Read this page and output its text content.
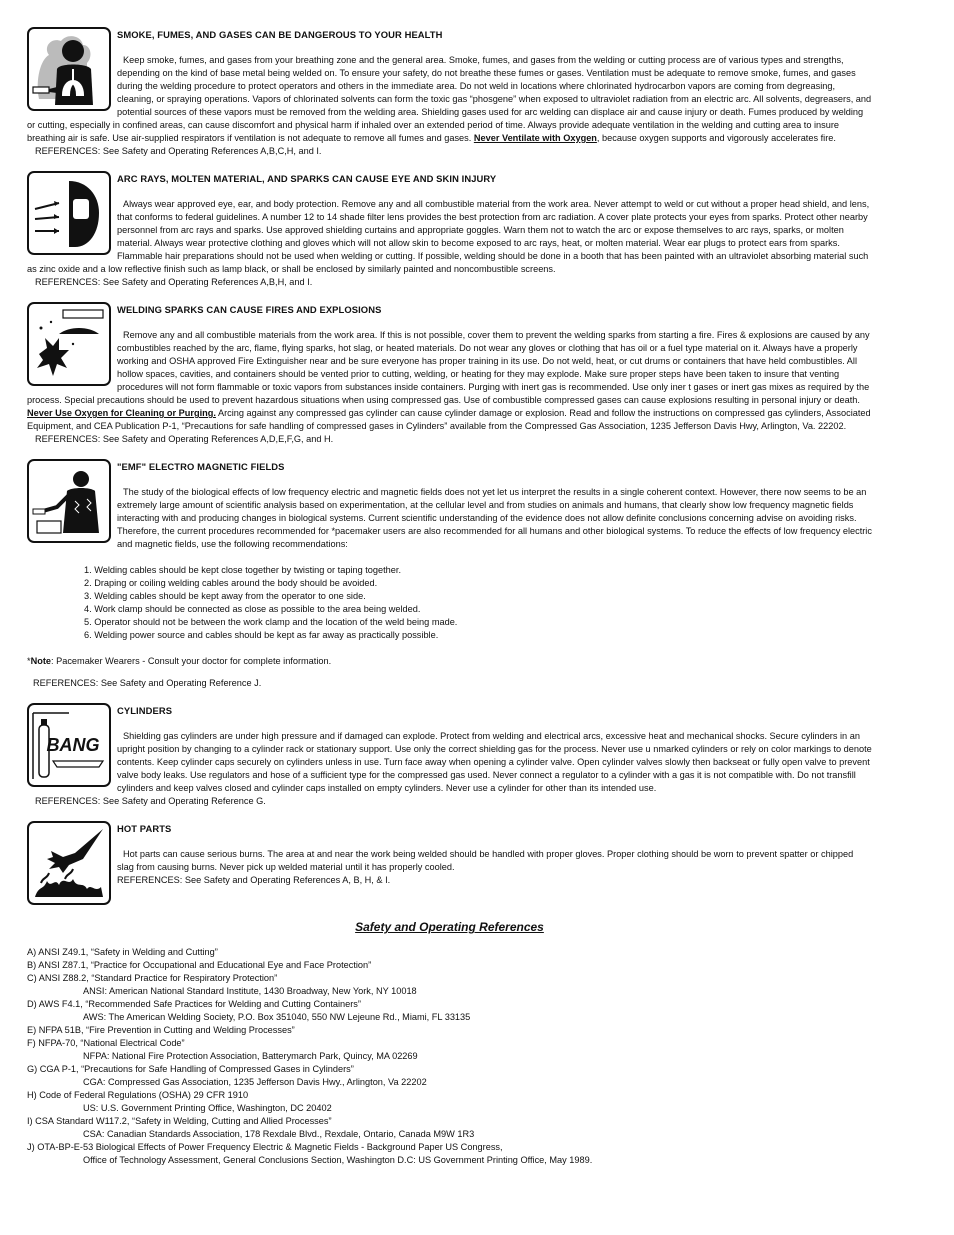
SMOKE, FUMES, AND GASES CAN BE DANGEROUS TO YOUR HEALTH

Keep smoke, fumes, and gases from your breathing zone and the general area. Smoke, fumes, and gases from the welding or cutting process are of various types and strengths, depending on the kind of base metal being welded on. To ensure your safety, do not breathe these fumes or gases. Ventilation must be adequate to remove smoke, fumes, and gases during the welding procedure to protect operators and others in the immediate area. Do not weld in locations where chlorinated hydrocarbon vapors are coming from degreasing, cleaning, or spraying operations. Vapors of chlorinated solvents can form the toxic gas “phosgene” when exposed to ultraviolet radiation from an electric arc. All solvents, degreasers, and potential sources of these vapors must be removed from the welding area. Shielding gases used for arc welding can displace air and cause injury or death. Fumes produced by welding or cutting, especially in confined areas, can cause discomfort and physical harm if inhaled over an extended period of time. Always provide adequate ventilation in the welding and cutting area to insure breathing air is safe. Use air-supplied respirators if ventilation is not adequate to remove all fumes and gases. Never Ventilate with Oxygen, because oxygen supports and vigorously accelerates fire.

REFERENCES: See Safety and Operating References A,B,C,H, and I.

ARC RAYS, MOLTEN MATERIAL, AND SPARKS CAN CAUSE EYE AND SKIN INJURY

Always wear approved eye, ear, and body protection. Remove any and all combustible material from the work area. Never attempt to weld or cut without a proper head shield, and lens, that conforms to federal guidelines. A number 12 to 14 shade filter lens provides the best protection from arc radiation. A cover plate protects your eyes from sparks. Protect other nearby personnel from arc rays and sparks. Use approved shielding curtains and appropriate goggles. Warn them not to watch the arc or expose themselves to arc rays, sparks, or molten material. Always wear protective clothing and gloves which will not allow skin to become exposed to arc rays, heat, or molten material. Wear ear plugs to protect ears from sparks. Flammable hair preparations should not be used when welding or cutting. If possible, welding should be done in a booth that has been painted with an ultraviolet absorbing material such as zinc oxide and a low reflective finish such as lamp black, or shall be enclosed by similarly painted and noncombustible screens.

REFERENCES: See Safety and Operating References A,B,H, and I.

WELDING SPARKS CAN CAUSE FIRES AND EXPLOSIONS

Remove any and all combustible materials from the work area. If this is not possible, cover them to prevent the welding sparks from starting a fire. Fires & explosions are caused by any combustibles reached by the arc, flame, flying sparks, hot slag, or heated materials. Do not wear any gloves or clothing that has oil or a fuel type material on it. Always have a properly working and OSHA approved Fire Extinguisher near and be sure everyone has proper training in its use. Do not weld, heat, or cut drums or containers that have held combustibles. All hollow spaces, cavities, and containers should be vented prior to cutting, welding, or heating for they may explode. Make sure proper steps have been taken to insure that venting procedures will not form flammable or toxic vapors from substances inside containers. Purging with inert gas is recommended. Use only iner t gases or inert gas mixes as required by the process. Special precautions should be used to prevent hazardous situations when using compressed gas. Use of combustible compressed gases can cause explosions resulting in personal injury or death. Never Use Oxygen for Cleaning or Purging. Arcing against any compressed gas cylinder can cause cylinder damage or explosion. Read and follow the instructions on compressed gas cylinders, Associated Equipment, and CEA Publication P-1, “Precautions for safe handling of compressed gases in Cylinders” available from the Compressed Gas Association, 1235 Jefferson Davis Hwy, Arlington, Va. 22202.

REFERENCES: See Safety and Operating References A,D,E,F,G, and H.

"EMF" ELECTRO MAGNETIC FIELDS

The study of the biological effects of low frequency electric and magnetic fields does not yet let us interpret the results in a single coherent context. However, there now seems to be an extremely large amount of scientific analysis based on experimentation, at the cellular level and from studies on animals and humans, that clearly show low frequency magnetic fields interacting with and producing changes in biological systems. Current scientific understanding of the evidence does not allow definite conclusions concerning advise on avoiding risks. Therefore, the current procedures recommended for *pacemaker users are also recommended for all humans and other biological systems. To reduce the effects of low frequency electric and magnetic fields, use the following recommendations:

1. Welding cables should be kept close together by twisting or taping together.
2. Draping or coiling welding cables around the body should be avoided.
3. Welding cables should be kept away from the operator to one side.
4. Work clamp should be connected as close as possible to the area being welded.
5. Operator should not be between the work clamp and the location of the weld being made.
6. Welding power source and cables should be kept as far away as practically possible.

*Note: Pacemaker Wearers - Consult your doctor for complete information.

REFERENCES: See Safety and Operating Reference J.

BANG

CYLINDERS

Shielding gas cylinders are under high pressure and if damaged can explode. Protect from welding and electrical arcs, excessive heat and mechanical shocks. Secure cylinders in an upright position by changing to a cylinder rack or stationary support. Use only the correct shielding gas for the process. Never use u nmarked cylinders or rely on color markings to denote contents. Keep cylinder caps securely on cylinders unless in use. Turn face away when opening a cylinder valve. Open cylinder valves slowly then backseat or fully open valve to prevent valve body leaks. Use regulators and hose of a sufficient type for the compressed gas used. Never connect a regulator to a cylinder with a gas it is not compatible with. Do not transfill cylinders and keep valves closed and cylinder caps installed on empty cylinders. Never use a cylinder for other than its intended use.

REFERENCES: See Safety and Operating Reference G.

HOT PARTS

Hot parts can cause serious burns. The area at and near the work being welded should be handled with proper gloves. Proper clothing should be worn to prevent spatter or chipped slag from causing burns. Never pick up welded material until it has properly cooled.

REFERENCES: See Safety and Operating References A, B, H, & I.

Safety and Operating References
A) ANSI Z49.1, “Safety in Welding and Cutting”
B) ANSI Z87.1, “Practice for Occupational and Educational Eye and Face Protection”
C) ANSI Z88.2, “Standard Practice for Respiratory Protection”
ANSI: American National Standard Institute, 1430 Broadway, New York, NY 10018
D) AWS F4.1, “Recommended Safe Practices for Welding and Cutting Containers”
AWS: The American Welding Society, P.O. Box 351040, 550 NW Lejeune Rd., Miami, FL 33135
E) NFPA 51B, “Fire Prevention in Cutting and Welding Processes”
F) NFPA-70, “National Electrical Code”
NFPA: National Fire Protection Association, Batterymarch Park, Quincy, MA 02269
G) CGA P-1, “Precautions for Safe Handling of Compressed Gases in Cylinders”
CGA: Compressed Gas Association, 1235 Jefferson Davis Hwy., Arlington, Va 22202
H) Code of Federal Regulations (OSHA) 29 CFR 1910
US: U.S. Government Printing Office, Washington, DC 20402
I) CSA Standard W117.2, “Safety in Welding, Cutting and Allied Processes”
CSA: Canadian Standards Association, 178 Rexdale Blvd., Rexdale, Ontario, Canada M9W 1R3
J) OTA-BP-E-53 Biological Effects of Power Frequency Electric & Magnetic Fields - Background Paper US Congress,
Office of Technology Assessment, General Conclusions Section, Washington D.C: US Government Printing Office, May 1989.
